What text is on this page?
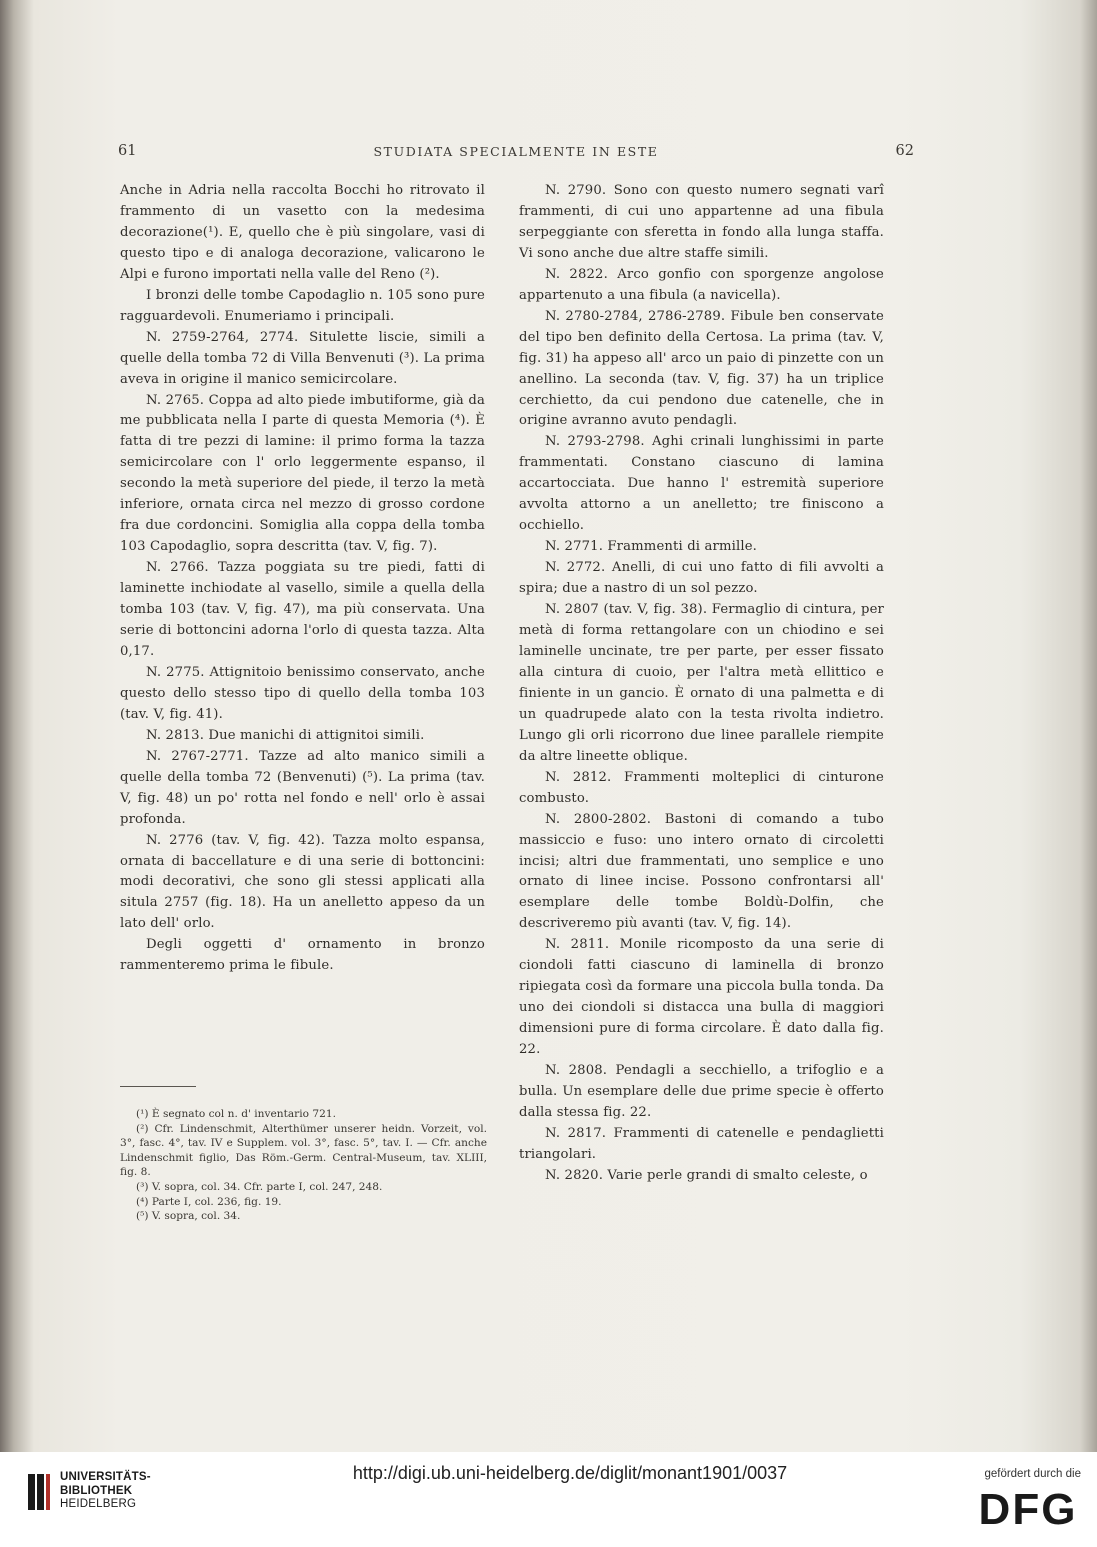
61	STUDIATA SPECIALMENTE IN ESTE	62

Anche in Adria nella raccolta Bocchi ho ritrovato il frammento di un vasetto con la medesima decorazione(¹). E, quello che è più singolare, vasi di questo tipo e di analoga decorazione, valicarono le Alpi e furono importati nella valle del Reno (²).

I bronzi delle tombe Capodaglio n. 105 sono pure ragguardevoli. Enumeriamo i principali.

N. 2759-2764, 2774. Situlette liscie, simili a quelle della tomba 72 di Villa Benvenuti (³). La prima aveva in origine il manico semicircolare.

N. 2765. Coppa ad alto piede imbutiforme, già da me pubblicata nella I parte di questa Memoria (⁴). È fatta di tre pezzi di lamine: il primo forma la tazza semicircolare con l' orlo leggermente espanso, il secondo la metà superiore del piede, il terzo la metà inferiore, ornata circa nel mezzo di grosso cordone fra due cordoncini. Somiglia alla coppa della tomba 103 Capodaglio, sopra descritta (tav. V, fig. 7).

N. 2766. Tazza poggiata su tre piedi, fatti di laminette inchiodate al vasello, simile a quella della tomba 103 (tav. V, fig. 47), ma più conservata. Una serie di bottoncini adorna l'orlo di questa tazza. Alta 0,17.

N. 2775. Attignitoio benissimo conservato, anche questo dello stesso tipo di quello della tomba 103 (tav. V, fig. 41).

N. 2813. Due manichi di attignitoi simili.

N. 2767-2771. Tazze ad alto manico simili a quelle della tomba 72 (Benvenuti) (⁵). La prima (tav. V, fig. 48) un po' rotta nel fondo e nell' orlo è assai profonda.

N. 2776 (tav. V, fig. 42). Tazza molto espansa, ornata di baccellature e di una serie di bottoncini: modi decorativi, che sono gli stessi applicati alla situla 2757 (fig. 18). Ha un anelletto appeso da un lato dell' orlo.

Degli oggetti d' ornamento in bronzo rammenteremo prima le fibule.

(¹) È segnato col n. d' inventario 721.

(²) Cfr. Lindenschmit, Alterthümer unserer heidn. Vorzeit, vol. 3°, fasc. 4°, tav. IV e Supplem. vol. 3°, fasc. 5°, tav. I. — Cfr. anche Lindenschmit figlio, Das Röm.-Germ. Central-Museum, tav. XLIII, fig. 8.

(³) V. sopra, col. 34. Cfr. parte I, col. 247, 248.

(⁴) Parte I, col. 236, fig. 19.

(⁵) V. sopra, col. 34.

N. 2790. Sono con questo numero segnati varî frammenti, di cui uno appartenne ad una fibula serpeggiante con sferetta in fondo alla lunga staffa. Vi sono anche due altre staffe simili.

N. 2822. Arco gonfio con sporgenze angolose appartenuto a una fibula (a navicella).

N. 2780-2784, 2786-2789. Fibule ben conservate del tipo ben definito della Certosa. La prima (tav. V, fig. 31) ha appeso all' arco un paio di pinzette con un anellino. La seconda (tav. V, fig. 37) ha un triplice cerchietto, da cui pendono due catenelle, che in origine avranno avuto pendagli.

N. 2793-2798. Aghi crinali lunghissimi in parte frammentati. Constano ciascuno di lamina accartocciata. Due hanno l' estremità superiore avvolta attorno a un anelletto; tre finiscono a occhiello.

N. 2771. Frammenti di armille.

N. 2772. Anelli, di cui uno fatto di fili avvolti a spira; due a nastro di un sol pezzo.

N. 2807 (tav. V, fig. 38). Fermaglio di cintura, per metà di forma rettangolare con un chiodino e sei laminelle uncinate, tre per parte, per esser fissato alla cintura di cuoio, per l'altra metà ellittico e finiente in un gancio. È ornato di una palmetta e di un quadrupede alato con la testa rivolta indietro. Lungo gli orli ricorrono due linee parallele riempite da altre lineette oblique.

N. 2812. Frammenti molteplici di cinturone combusto.

N. 2800-2802. Bastoni di comando a tubo massiccio e fuso: uno intero ornato di circoletti incisi; altri due frammentati, uno semplice e uno ornato di linee incise. Possono confrontarsi all' esemplare delle tombe Boldù-Dolfin, che descriveremo più avanti (tav. V, fig. 14).

N. 2811. Monile ricomposto da una serie di ciondoli fatti ciascuno di laminella di bronzo ripiegata così da formare una piccola bulla tonda. Da uno dei ciondoli si distacca una bulla di maggiori dimensioni pure di forma circolare. È dato dalla fig. 22.

N. 2808. Pendagli a secchiello, a trifoglio e a bulla. Un esemplare delle due prime specie è offerto dalla stessa fig. 22.

N. 2817. Frammenti di catenelle e pendaglietti triangolari.

N. 2820. Varie perle grandi di smalto celeste, o

UNIVERSITÄTS-
BIBLIOTHEK
HEIDELBERG
http://digi.ub.uni-heidelberg.de/diglit/monant1901/0037	gefördert durch die
DFG
